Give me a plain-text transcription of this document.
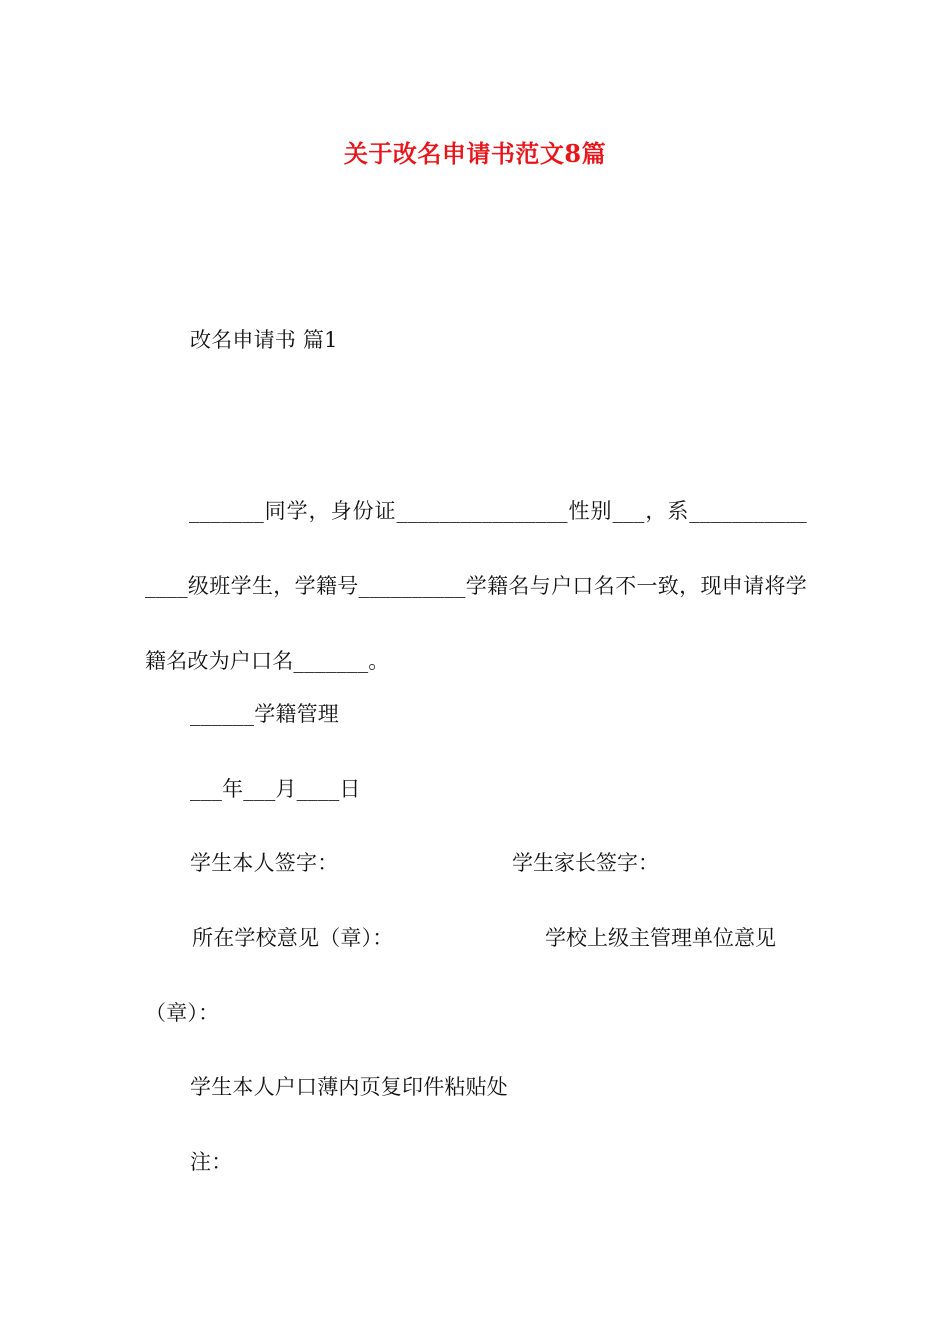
关于改名申请书范文8篇
改名申请书 篇1
_______同学，身份证________________性别___，系_______________级班学生，学籍号__________学籍名与户口名不一致，现申请将学籍名改为户口名_______。
______学籍管理
___年___月____日
学生本人签字：	学生家长签字：
所在学校意见（章）：	学校上级主管理单位意见
（章）：
学生本人户口薄内页复印件粘贴处
注：
